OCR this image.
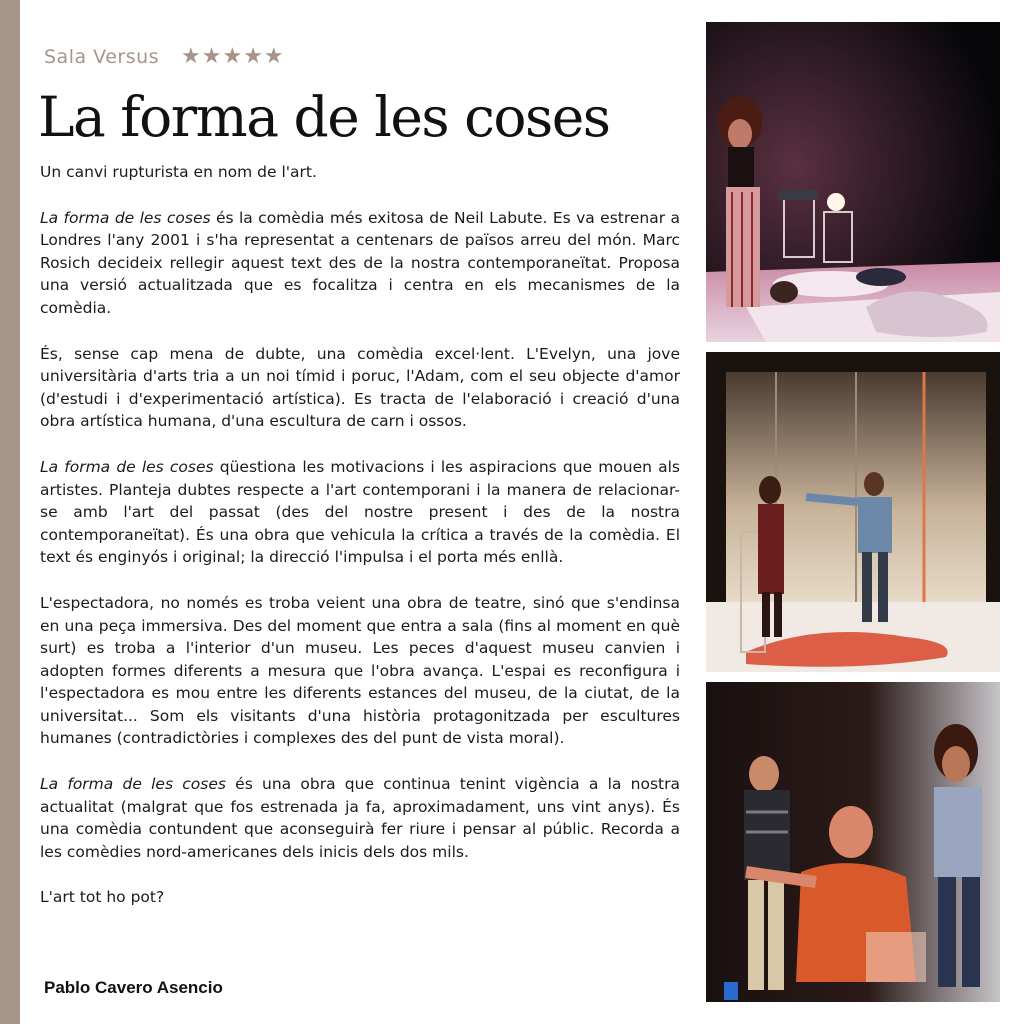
Sala Versus ★★★★★
La forma de les coses

Un canvi rupturista en nom de l'art.

La forma de les coses és la comèdia més exitosa de Neil Labute. Es va estrenar a Londres l'any 2001 i s'ha representat a centenars de països arreu del món. Marc Rosich decideix rellegir aquest text des de la nostra contemporaneïtat. Proposa una versió actualitzada que es focalitza i centra en els mecanismes de la comèdia.

És, sense cap mena de dubte, una comèdia excel·lent. L'Evelyn, una jove universitària d'arts tria a un noi tímid i poruc, l'Adam, com el seu objecte d'amor (d'estudi i d'experimentació artística). Es tracta de l'elaboració i creació d'una obra artística humana, d'una escultura de carn i ossos.

La forma de les coses qüestiona les motivacions i les aspiracions que mouen als artistes. Planteja dubtes respecte a l'art contemporani i la manera de relacionar-se amb l'art del passat (des del nostre present i des de la nostra contemporaneïtat). És una obra que vehicula la crítica a través de la comèdia. El text és enginyós i original; la direcció l'impulsa i el porta més enllà.

L'espectadora, no només es troba veient una obra de teatre, sinó que s'endinsa en una peça immersiva. Des del moment que entra a sala (fins al moment en què surt) es troba a l'interior d'un museu. Les peces d'aquest museu canvien i adopten formes diferents a mesura que l'obra avança. L'espai es reconfigura i l'espectadora es mou entre les diferents estances del museu, de la ciutat, de la universitat... Som els visitants d'una història protagonitzada per escultures humanes (contradictòries i complexes des del punt de vista moral).

La forma de les coses és una obra que continua tenint vigència a la nostra actualitat (malgrat que fos estrenada ja fa, aproximadament, uns vint anys). És una comèdia contundent que aconseguirà fer riure i pensar al públic. Recorda a les comèdies nord-americanes dels inicis dels dos mils.

L'art tot ho pot?

Pablo Cavero Asencio
